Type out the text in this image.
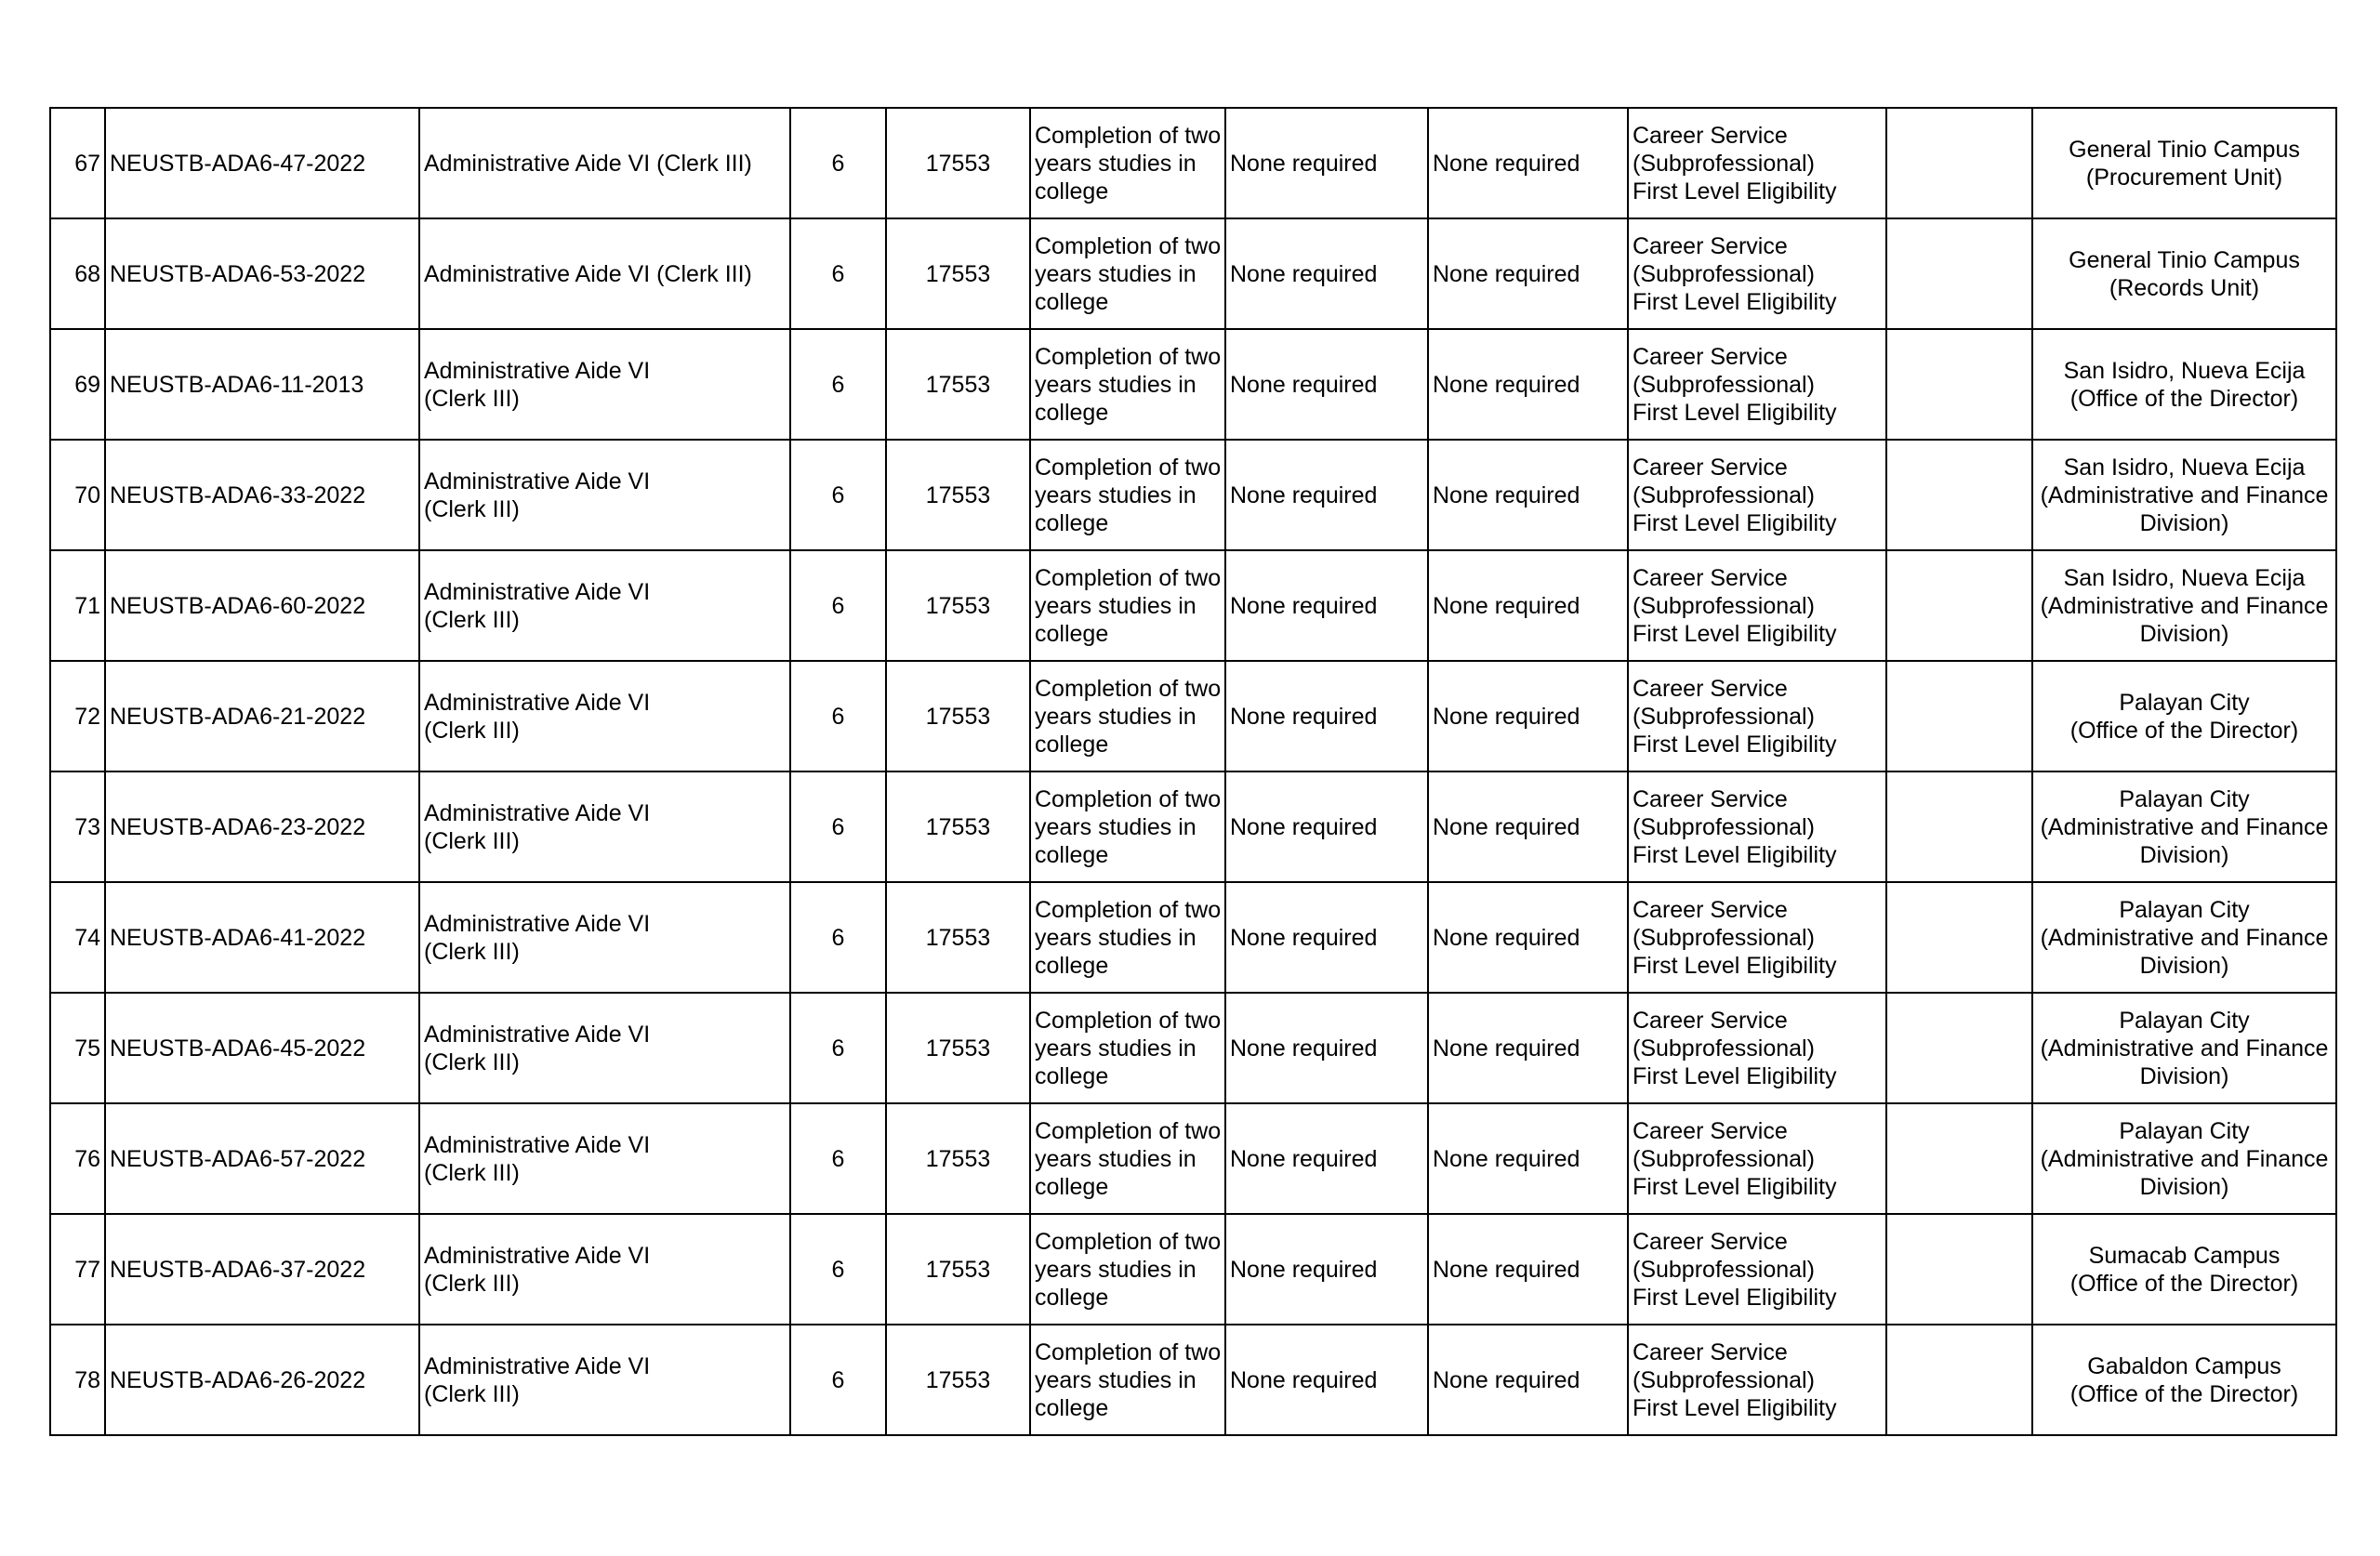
67	NEUSTB-ADA6-47-2022	Administrative Aide VI (Clerk III)	6	17553	Completion of two
years studies in
college	None required	None required	Career Service
(Subprofessional)
First Level Eligibility		General Tinio Campus
(Procurement Unit)

68	NEUSTB-ADA6-53-2022	Administrative Aide VI (Clerk III)	6	17553	Completion of two
years studies in
college	None required	None required	Career Service
(Subprofessional)
First Level Eligibility		General Tinio Campus
(Records Unit)

69	NEUSTB-ADA6-11-2013	Administrative Aide VI
(Clerk III)	6	17553	Completion of two
years studies in
college	None required	None required	Career Service
(Subprofessional)
First Level Eligibility		San Isidro, Nueva Ecija
(Office of the Director)

70	NEUSTB-ADA6-33-2022	Administrative Aide VI
(Clerk III)	6	17553	Completion of two
years studies in
college	None required	None required	Career Service
(Subprofessional)
First Level Eligibility		San Isidro, Nueva Ecija
(Administrative and Finance
Division)

71	NEUSTB-ADA6-60-2022	Administrative Aide VI
(Clerk III)	6	17553	Completion of two
years studies in
college	None required	None required	Career Service
(Subprofessional)
First Level Eligibility		San Isidro, Nueva Ecija
(Administrative and Finance
Division)

72	NEUSTB-ADA6-21-2022	Administrative Aide VI
(Clerk III)	6	17553	Completion of two
years studies in
college	None required	None required	Career Service
(Subprofessional)
First Level Eligibility		Palayan City
(Office of the Director)

73	NEUSTB-ADA6-23-2022	Administrative Aide VI
(Clerk III)	6	17553	Completion of two
years studies in
college	None required	None required	Career Service
(Subprofessional)
First Level Eligibility		Palayan City
(Administrative and Finance
Division)

74	NEUSTB-ADA6-41-2022	Administrative Aide VI
(Clerk III)	6	17553	Completion of two
years studies in
college	None required	None required	Career Service
(Subprofessional)
First Level Eligibility		Palayan City
(Administrative and Finance
Division)

75	NEUSTB-ADA6-45-2022	Administrative Aide VI
(Clerk III)	6	17553	Completion of two
years studies in
college	None required	None required	Career Service
(Subprofessional)
First Level Eligibility		Palayan City
(Administrative and Finance
Division)

76	NEUSTB-ADA6-57-2022	Administrative Aide VI
(Clerk III)	6	17553	Completion of two
years studies in
college	None required	None required	Career Service
(Subprofessional)
First Level Eligibility		Palayan City
(Administrative and Finance
Division)

77	NEUSTB-ADA6-37-2022	Administrative Aide VI
(Clerk III)	6	17553	Completion of two
years studies in
college	None required	None required	Career Service
(Subprofessional)
First Level Eligibility		Sumacab Campus
(Office of the Director)

78	NEUSTB-ADA6-26-2022	Administrative Aide VI
(Clerk III)	6	17553	Completion of two
years studies in
college	None required	None required	Career Service
(Subprofessional)
First Level Eligibility		Gabaldon Campus
(Office of the Director)
